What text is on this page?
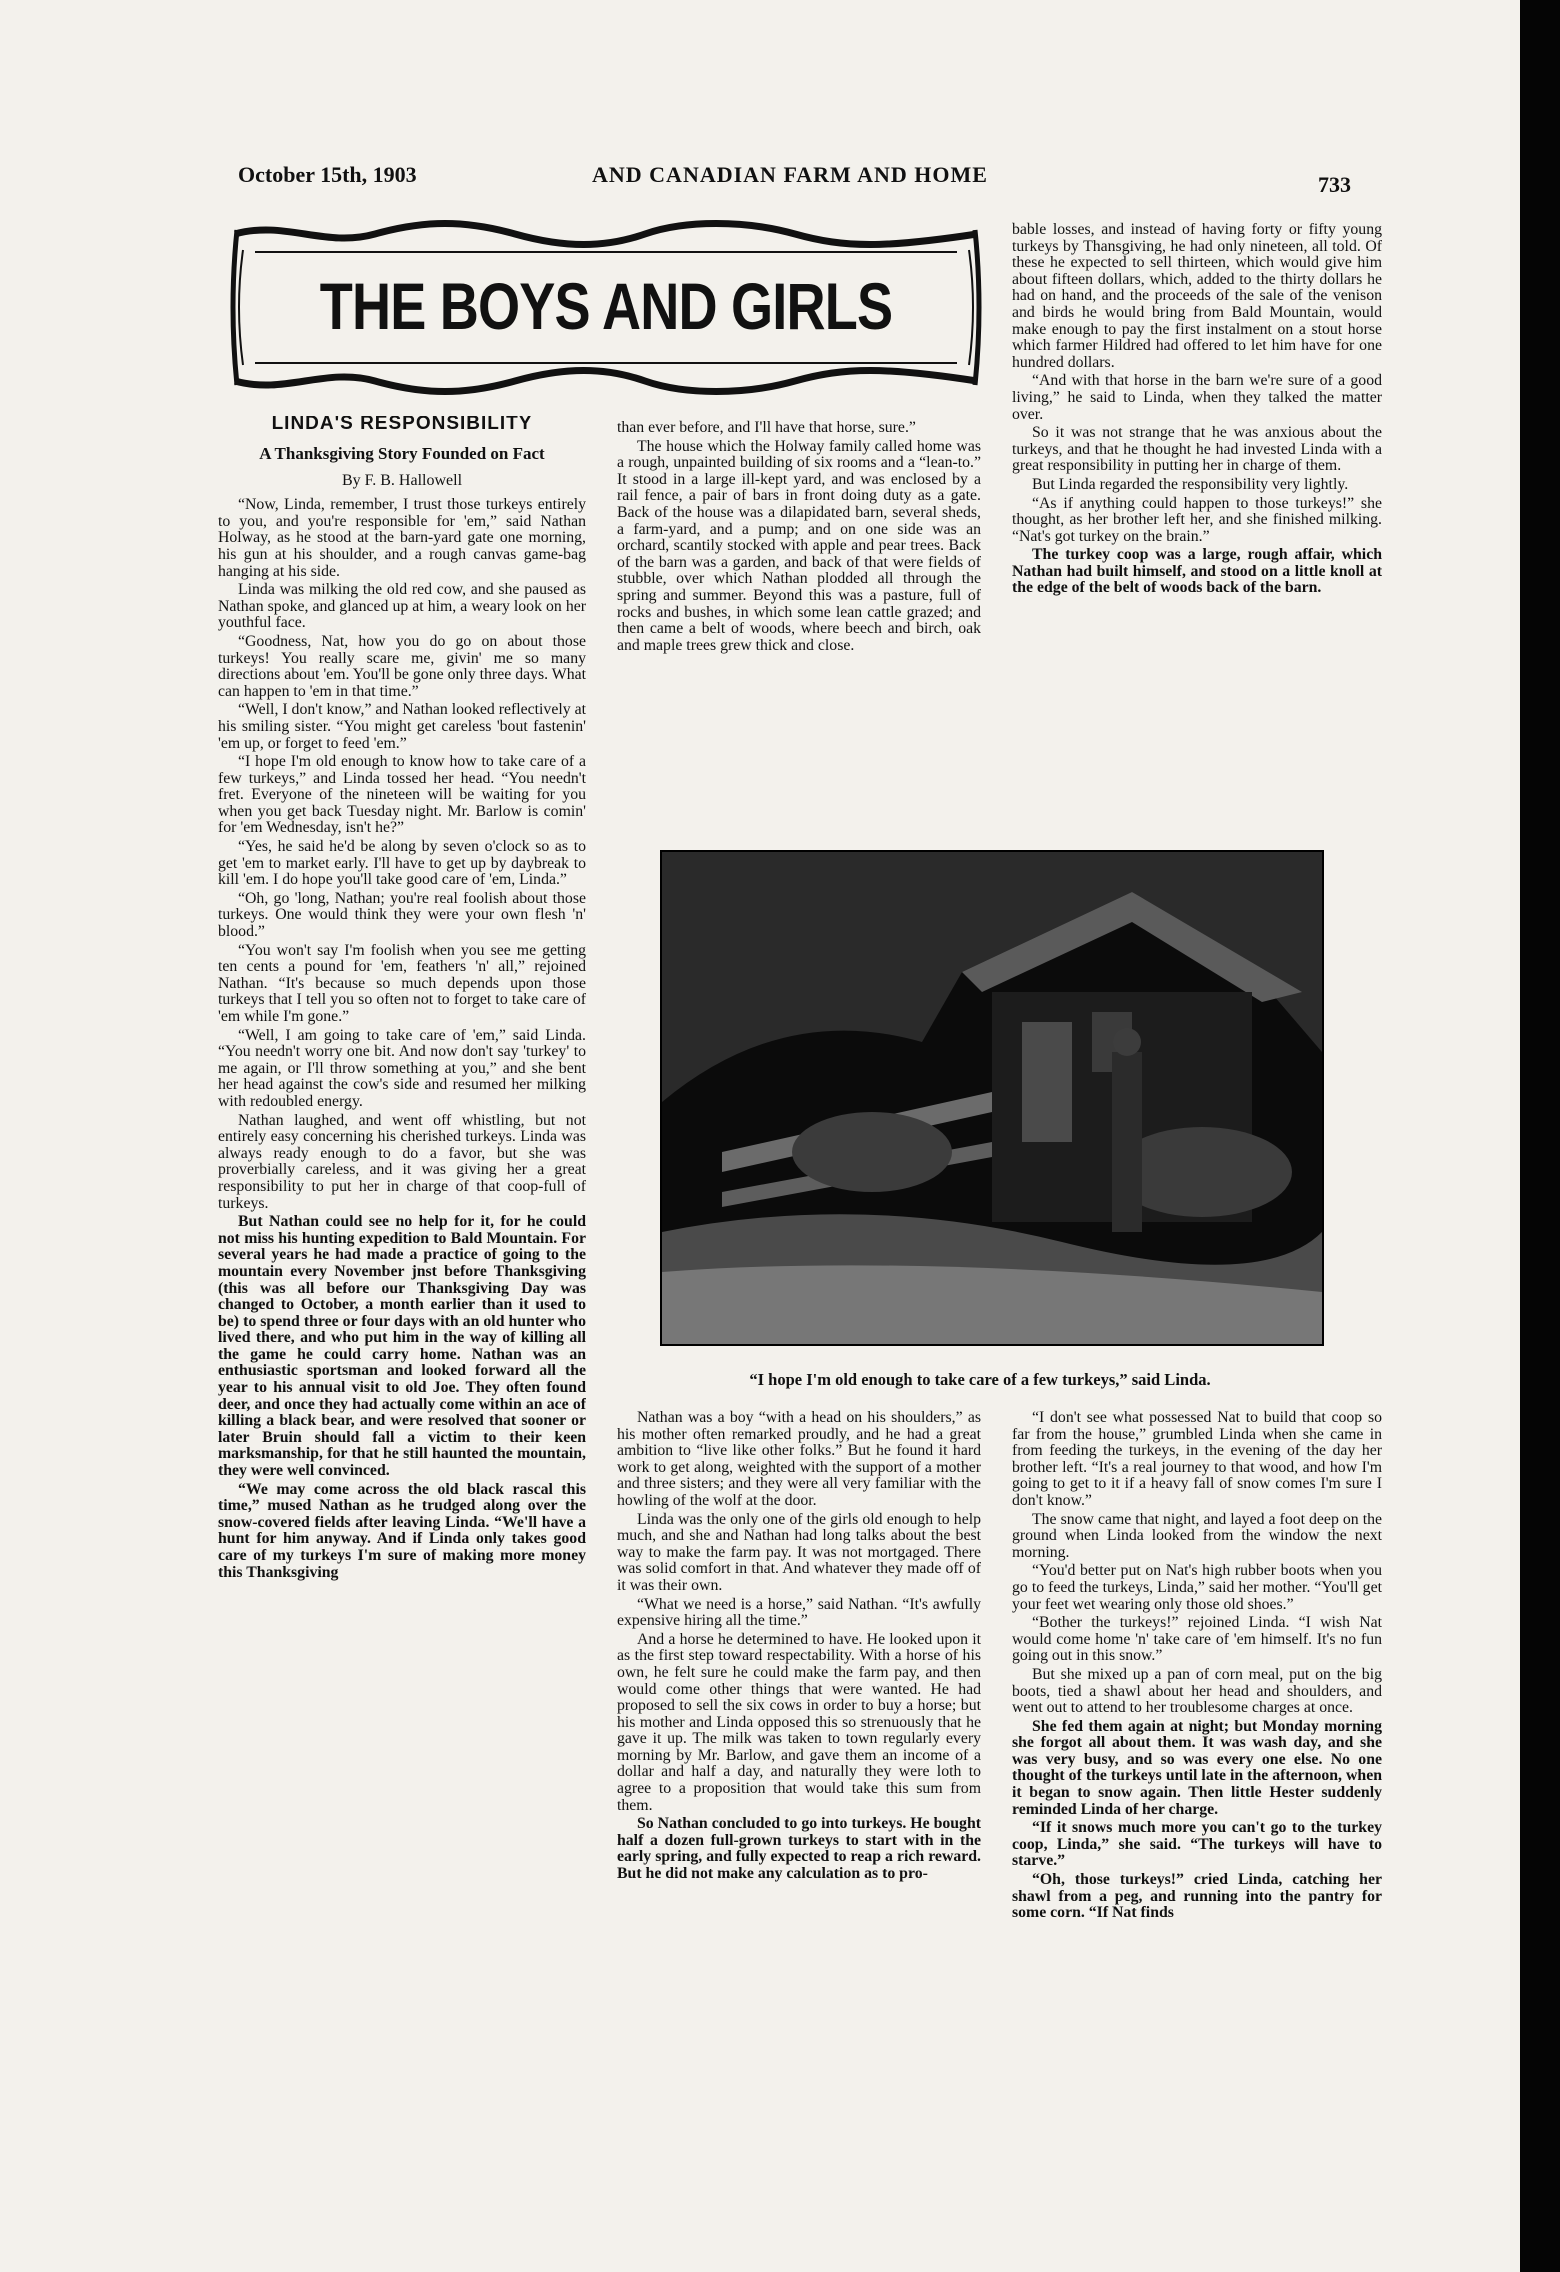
October 15th, 1903	AND CANADIAN FARM AND HOME	733
THE BOYS AND GIRLS
LINDA'S RESPONSIBILITY
A Thanksgiving Story Founded on Fact
By F. B. Hallowell

“Now, Linda, remember, I trust those turkeys entirely to you, and you're responsible for 'em,” said Nathan Holway, as he stood at the barn-yard gate one morning, his gun at his shoulder, and a rough canvas game-bag hanging at his side.

Linda was milking the old red cow, and she paused as Nathan spoke, and glanced up at him, a weary look on her youthful face.

“Goodness, Nat, how you do go on about those turkeys! You really scare me, givin' me so many directions about 'em. You'll be gone only three days. What can happen to 'em in that time.”

“Well, I don't know,” and Nathan looked reflectively at his smiling sister. “You might get careless 'bout fastenin' 'em up, or forget to feed 'em.”

“I hope I'm old enough to know how to take care of a few turkeys,” and Linda tossed her head. “You needn't fret. Everyone of the nineteen will be waiting for you when you get back Tuesday night. Mr. Barlow is comin' for 'em Wednesday, isn't he?”

“Yes, he said he'd be along by seven o'clock so as to get 'em to market early. I'll have to get up by daybreak to kill 'em. I do hope you'll take good care of 'em, Linda.”

“Oh, go 'long, Nathan; you're real foolish about those turkeys. One would think they were your own flesh 'n' blood.”

“You won't say I'm foolish when you see me getting ten cents a pound for 'em, feathers 'n' all,” rejoined Nathan. “It's because so much depends upon those turkeys that I tell you so often not to forget to take care of 'em while I'm gone.”

“Well, I am going to take care of 'em,” said Linda. “You needn't worry one bit. And now don't say 'turkey' to me again, or I'll throw something at you,” and she bent her head against the cow's side and resumed her milking with redoubled energy.

Nathan laughed, and went off whistling, but not entirely easy concerning his cherished turkeys. Linda was always ready enough to do a favor, but she was proverbially careless, and it was giving her a great responsibility to put her in charge of that coop-full of turkeys.

But Nathan could see no help for it, for he could not miss his hunting expedition to Bald Mountain. For several years he had made a practice of going to the mountain every November jnst before Thanksgiving (this was all before our Thanksgiving Day was changed to October, a month earlier than it used to be) to spend three or four days with an old hunter who lived there, and who put him in the way of killing all the game he could carry home. Nathan was an enthusiastic sportsman and looked forward all the year to his annual visit to old Joe. They often found deer, and once they had actually come within an ace of killing a black bear, and were resolved that sooner or later Bruin should fall a victim to their keen marksmanship, for that he still haunted the mountain, they were well convinced.

“We may come across the old black rascal this time,” mused Nathan as he trudged along over the snow-covered fields after leaving Linda. “We'll have a hunt for him anyway. And if Linda only takes good care of my turkeys I'm sure of making more money this Thanksgiving

than ever before, and I'll have that horse, sure.”

The house which the Holway family called home was a rough, unpainted building of six rooms and a “lean-to.” It stood in a large ill-kept yard, and was enclosed by a rail fence, a pair of bars in front doing duty as a gate. Back of the house was a dilapidated barn, several sheds, a farm-yard, and a pump; and on one side was an orchard, scantily stocked with apple and pear trees. Back of the barn was a garden, and back of that were fields of stubble, over which Nathan plodded all through the spring and summer. Beyond this was a pasture, full of rocks and bushes, in which some lean cattle grazed; and then came a belt of woods, where beech and birch, oak and maple trees grew thick and close.

bable losses, and instead of having forty or fifty young turkeys by Thansgiving, he had only nineteen, all told. Of these he expected to sell thirteen, which would give him about fifteen dollars, which, added to the thirty dollars he had on hand, and the proceeds of the sale of the venison and birds he would bring from Bald Mountain, would make enough to pay the first instalment on a stout horse which farmer Hildred had offered to let him have for one hundred dollars.

“And with that horse in the barn we're sure of a good living,” he said to Linda, when they talked the matter over.

So it was not strange that he was anxious about the turkeys, and that he thought he had invested Linda with a great responsibility in putting her in charge of them.

But Linda regarded the responsibility very lightly.

“As if anything could happen to those turkeys!” she thought, as her brother left her, and she finished milking. “Nat's got turkey on the brain.”

The turkey coop was a large, rough affair, which Nathan had built himself, and stood on a little knoll at the edge of the belt of woods back of the barn.

“I hope I'm old enough to take care of a few turkeys,” said Linda.

Nathan was a boy “with a head on his shoulders,” as his mother often remarked proudly, and he had a great ambition to “live like other folks.” But he found it hard work to get along, weighted with the support of a mother and three sisters; and they were all very familiar with the howling of the wolf at the door.

Linda was the only one of the girls old enough to help much, and she and Nathan had long talks about the best way to make the farm pay. It was not mortgaged. There was solid comfort in that. And whatever they made off of it was their own.

“What we need is a horse,” said Nathan. “It's awfully expensive hiring all the time.”

And a horse he determined to have. He looked upon it as the first step toward respectability. With a horse of his own, he felt sure he could make the farm pay, and then would come other things that were wanted. He had proposed to sell the six cows in order to buy a horse; but his mother and Linda opposed this so strenuously that he gave it up. The milk was taken to town regularly every morning by Mr. Barlow, and gave them an income of a dollar and half a day, and naturally they were loth to agree to a proposition that would take this sum from them.

So Nathan concluded to go into turkeys. He bought half a dozen full-grown turkeys to start with in the early spring, and fully expected to reap a rich reward. But he did not make any calculation as to pro-

“I don't see what possessed Nat to build that coop so far from the house,” grumbled Linda when she came in from feeding the turkeys, in the evening of the day her brother left. “It's a real journey to that wood, and how I'm going to get to it if a heavy fall of snow comes I'm sure I don't know.”

The snow came that night, and layed a foot deep on the ground when Linda looked from the window the next morning.

“You'd better put on Nat's high rubber boots when you go to feed the turkeys, Linda,” said her mother. “You'll get your feet wet wearing only those old shoes.”

“Bother the turkeys!” rejoined Linda. “I wish Nat would come home 'n' take care of 'em himself. It's no fun going out in this snow.”

But she mixed up a pan of corn meal, put on the big boots, tied a shawl about her head and shoulders, and went out to attend to her troublesome charges at once.

She fed them again at night; but Monday morning she forgot all about them. It was wash day, and she was very busy, and so was every one else. No one thought of the turkeys until late in the afternoon, when it began to snow again. Then little Hester suddenly reminded Linda of her charge.

“If it snows much more you can't go to the turkey coop, Linda,” she said. “The turkeys will have to starve.”

“Oh, those turkeys!” cried Linda, catching her shawl from a peg, and running into the pantry for some corn. “If Nat finds
